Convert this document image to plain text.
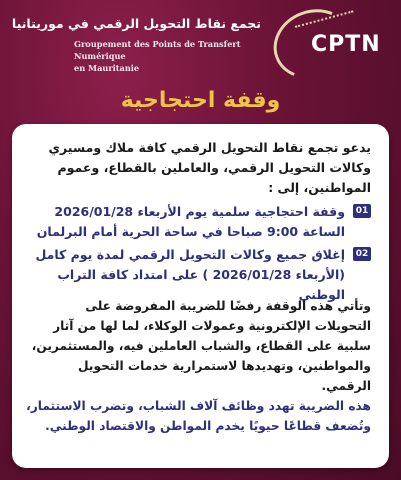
تجمع نقاط التحويل الرقمي في موريتانيا
Groupement des Points de Transfert Numérique
en Mauritanie
CPTN
وقفة احتجاجية
يدعو تجمع نقاط التحويل الرقمي كافة ملاك ومسيري وكالات التحويل الرقمي، والعاملين بالقطاع، وعموم المواطنين، إلى :
01
وقفة احتجاجية سلمية يوم الأربعاء 2026/01/28 الساعة 9:00 صباحا في ساحة الحرية أمام البرلمان
02
إغلاق جميع وكالات التحويل الرقمي لمدة يوم كامل (الأربعاء 2026/01/28 ) على امتداد كافة التراب الوطني
وتأتي هذه الوقفة رفضًا للضريبة المفروضة على التحويلات الإلكترونية وعمولات الوكلاء، لما لها من آثار سلبية على القطاع، والشباب العاملين فيه، والمستثمرين، والمواطنين، وتهديدها لاستمرارية خدمات التحويل الرقمي.
هذه الضريبة تهدد وظائف آلاف الشباب، وتضرب الاستثمار، وتُضعف قطاعًا حيويًا يخدم المواطن والاقتصاد الوطني.
